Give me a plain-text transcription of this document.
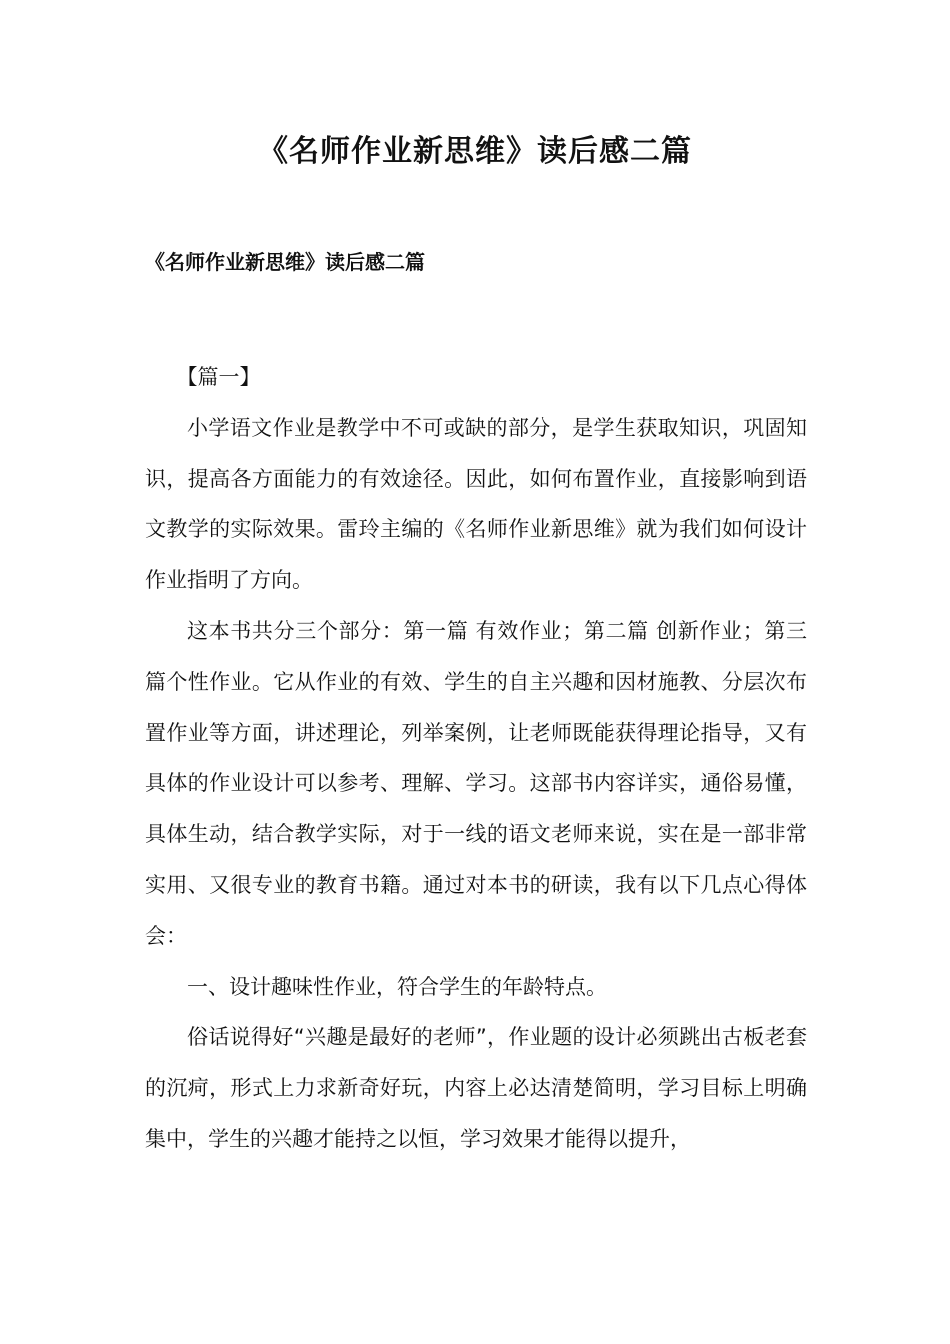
《名师作业新思维》读后感二篇
《名师作业新思维》读后感二篇

【篇一】

小学语文作业是教学中不可或缺的部分，是学生获取知识，巩固知识，提高各方面能力的有效途径。因此，如何布置作业，直接影响到语文教学的实际效果。雷玲主编的《名师作业新思维》就为我们如何设计作业指明了方向。

这本书共分三个部分：第一篇 有效作业；第二篇 创新作业；第三篇个性作业。它从作业的有效、学生的自主兴趣和因材施教、分层次布置作业等方面，讲述理论，列举案例，让老师既能获得理论指导，又有具体的作业设计可以参考、理解、学习。这部书内容详实，通俗易懂，具体生动，结合教学实际，对于一线的语文老师来说，实在是一部非常实用、又很专业的教育书籍。通过对本书的研读，我有以下几点心得体会：

一、设计趣味性作业，符合学生的年龄特点。

俗话说得好“兴趣是最好的老师”，作业题的设计必须跳出古板老套的沉疴，形式上力求新奇好玩，内容上必达清楚简明，学习目标上明确集中，学生的兴趣才能持之以恒，学习效果才能得以提升，
